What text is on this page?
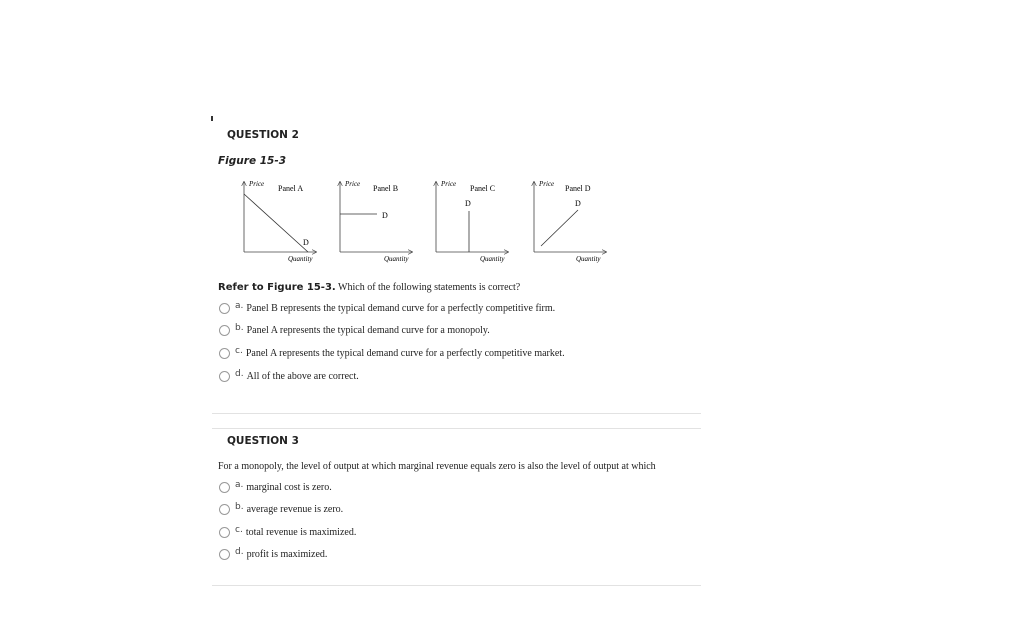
QUESTION 2
Figure 15-3
Price Panel A
D
Quantity
Price Panel B
D
Quantity
Price Panel C
D
Quantity
Price Panel D
D
Quantity
Refer to Figure 15-3. Which of the following statements is correct?
a. Panel B represents the typical demand curve for a perfectly competitive firm.
b. Panel A represents the typical demand curve for a monopoly.
c. Panel A represents the typical demand curve for a perfectly competitive market.
d. All of the above are correct.
QUESTION 3
For a monopoly, the level of output at which marginal revenue equals zero is also the level of output at which
a. marginal cost is zero.
b. average revenue is zero.
c. total revenue is maximized.
d. profit is maximized.
